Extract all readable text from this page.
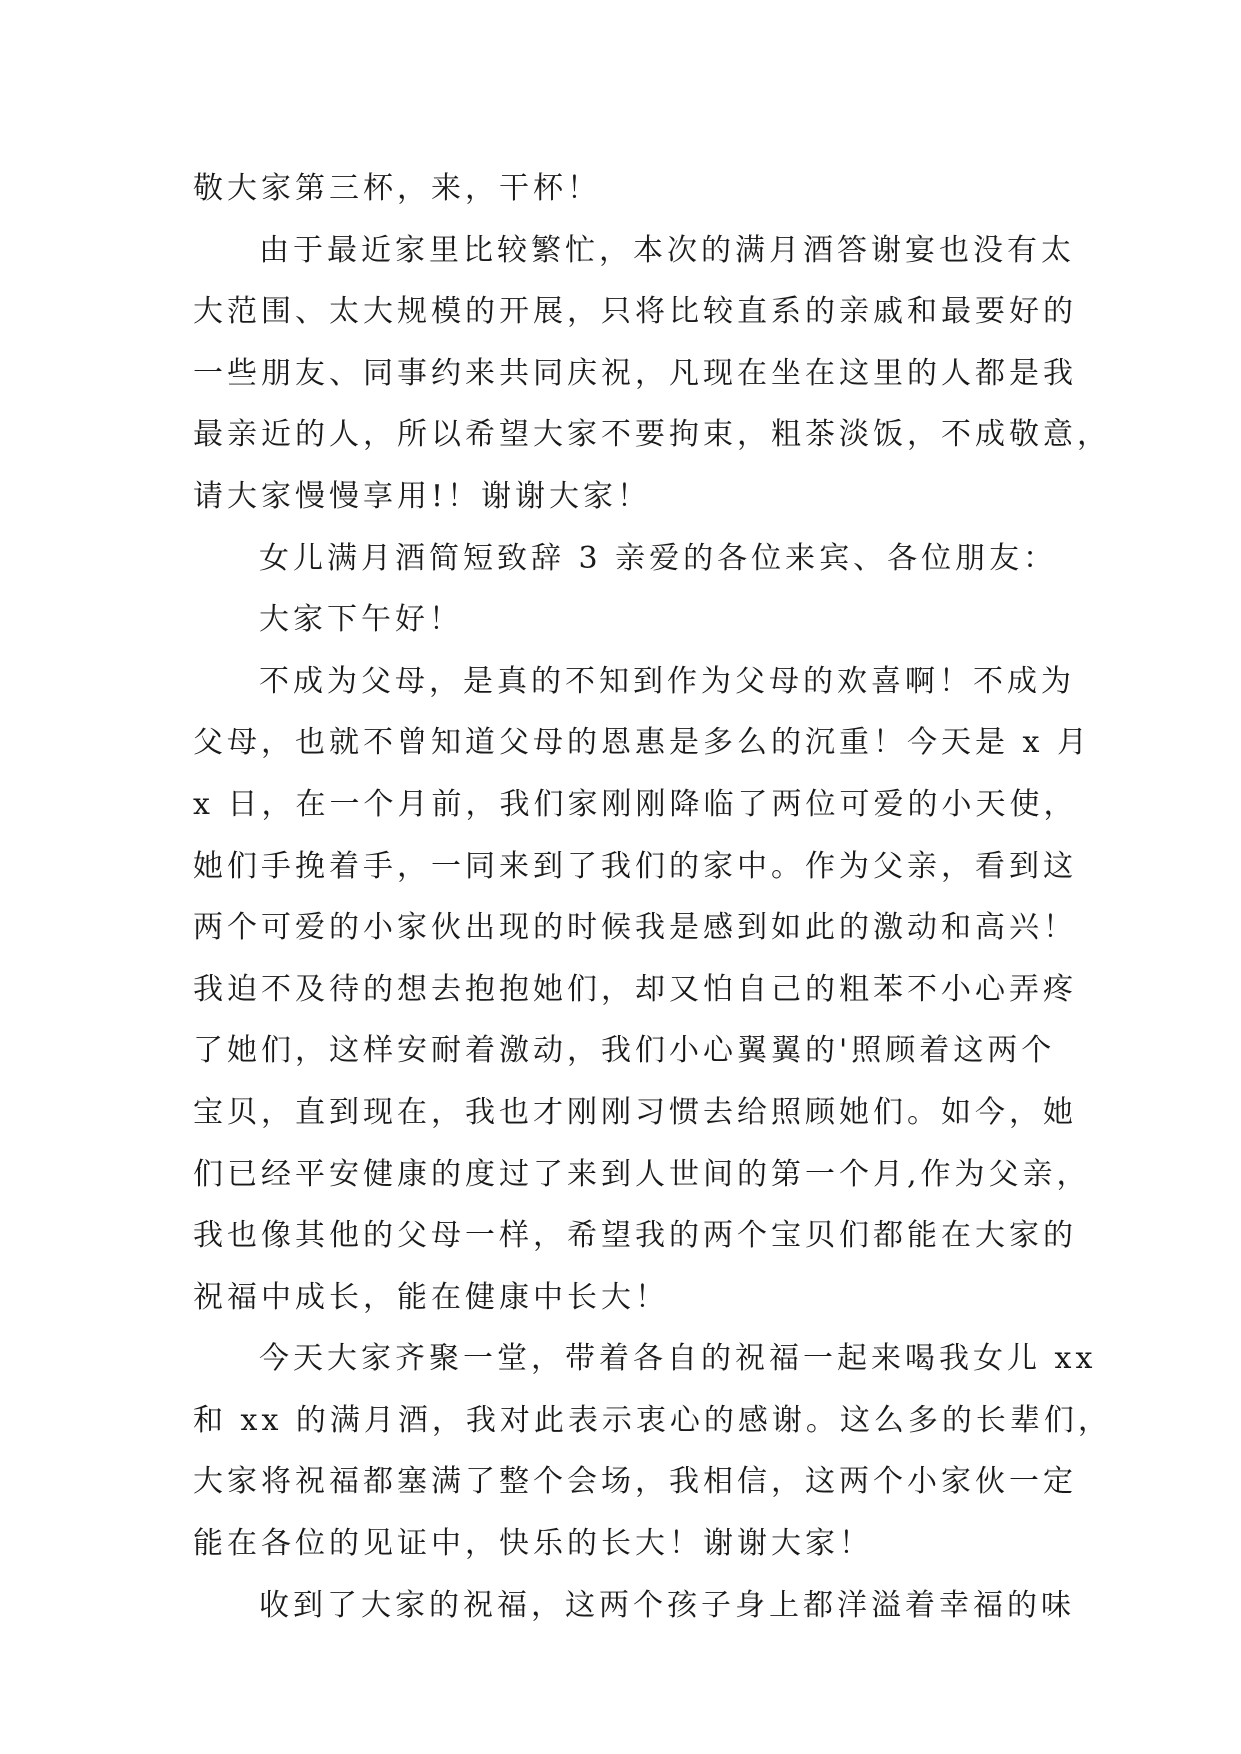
敬大家第三杯，来，干杯！

由于最近家里比较繁忙，本次的满月酒答谢宴也没有太

大范围、太大规模的开展，只将比较直系的亲戚和最要好的

一些朋友、同事约来共同庆祝，凡现在坐在这里的人都是我

最亲近的人，所以希望大家不要拘束，粗茶淡饭，不成敬意，

请大家慢慢享用!！谢谢大家！

女儿满月酒简短致辞 3 亲爱的各位来宾、各位朋友：

大家下午好！

不成为父母，是真的不知到作为父母的欢喜啊！不成为

父母，也就不曾知道父母的恩惠是多么的沉重！今天是 x 月

x 日，在一个月前，我们家刚刚降临了两位可爱的小天使，

她们手挽着手，一同来到了我们的家中。作为父亲，看到这

两个可爱的小家伙出现的时候我是感到如此的激动和高兴！

我迫不及待的想去抱抱她们，却又怕自己的粗苯不小心弄疼

了她们，这样安耐着激动，我们小心翼翼的'照顾着这两个

宝贝，直到现在，我也才刚刚习惯去给照顾她们。如今，她

们已经平安健康的度过了来到人世间的第一个月,作为父亲，

我也像其他的父母一样，希望我的两个宝贝们都能在大家的

祝福中成长，能在健康中长大！

今天大家齐聚一堂，带着各自的祝福一起来喝我女儿 xx

和 xx 的满月酒，我对此表示衷心的感谢。这么多的长辈们，

大家将祝福都塞满了整个会场，我相信，这两个小家伙一定

能在各位的见证中，快乐的长大！谢谢大家！

收到了大家的祝福，这两个孩子身上都洋溢着幸福的味
